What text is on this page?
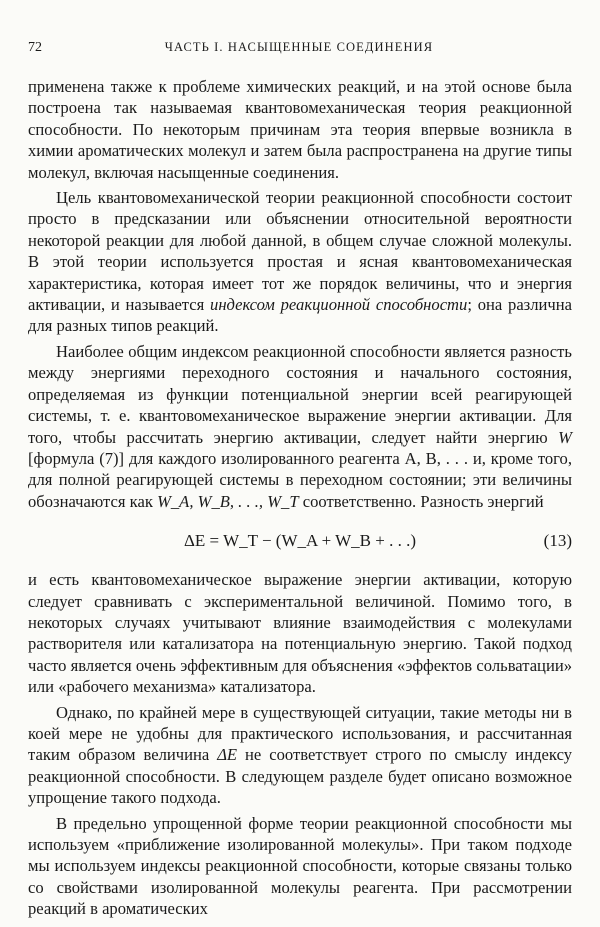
72	ЧАСТЬ I. НАСЫЩЕННЫЕ СОЕДИНЕНИЯ

применена также к проблеме химических реакций, и на этой основе была построена так называемая квантовомеханическая теория реакционной способности. По некоторым причинам эта теория впервые возникла в химии ароматических молекул и затем была распространена на другие типы молекул, включая насыщенные соединения.

Цель квантовомеханической теории реакционной способности состоит просто в предсказании или объяснении относительной вероятности некоторой реакции для любой данной, в общем случае сложной молекулы. В этой теории используется простая и ясная квантовомеханическая характеристика, которая имеет тот же порядок величины, что и энергия активации, и называется индексом реакционной способности; она различна для разных типов реакций.

Наиболее общим индексом реакционной способности является разность между энергиями переходного состояния и начального состояния, определяемая из функции потенциальной энергии всей реагирующей системы, т. е. квантовомеханическое выражение энергии активации. Для того, чтобы рассчитать энергию активации, следует найти энергию W [формула (7)] для каждого изолированного реагента A, B, . . . и, кроме того, для полной реагирующей системы в переходном состоянии; эти величины обозначаются как W_A, W_B, . . ., W_T соответственно. Разность энергий

ΔE = W_T − (W_A + W_B + . . .)	(13)

и есть квантовомеханическое выражение энергии активации, которую следует сравнивать с экспериментальной величиной. Помимо того, в некоторых случаях учитывают влияние взаимодействия с молекулами растворителя или катализатора на потенциальную энергию. Такой подход часто является очень эффективным для объяснения «эффектов сольватации» или «рабочего механизма» катализатора.

Однако, по крайней мере в существующей ситуации, такие методы ни в коей мере не удобны для практического использования, и рассчитанная таким образом величина ΔE не соответствует строго по смыслу индексу реакционной способности. В следующем разделе будет описано возможное упрощение такого подхода.

В предельно упрощенной форме теории реакционной способности мы используем «приближение изолированной молекулы». При таком подходе мы используем индексы реакционной способности, которые связаны только со свойствами изолированной молекулы реагента. При рассмотрении реакций в ароматических
